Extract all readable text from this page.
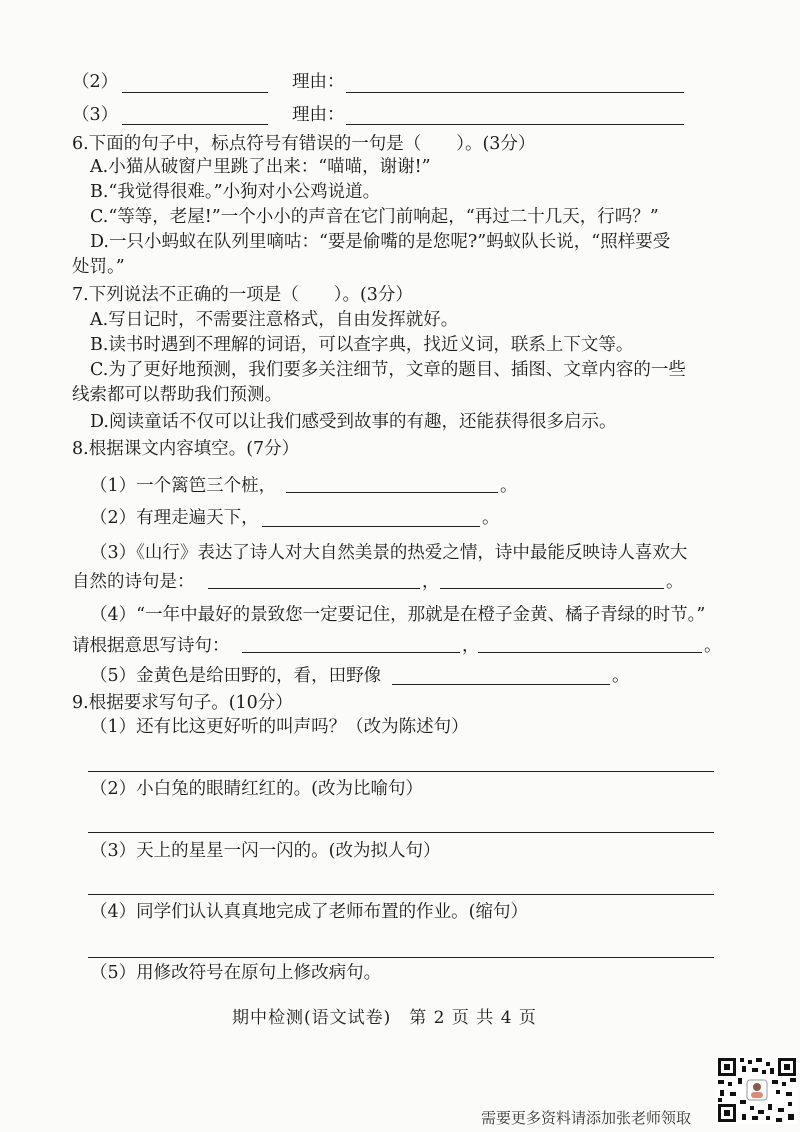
（2）	理由：
（3）	理由：
6.下面的句子中，标点符号有错误的一句是（　　）。(3分）
A.小猫从破窗户里跳了出来：“喵喵，谢谢!”
B.“我觉得很难。”小狗对小公鸡说道。
C.“等等，老屋!”一个小小的声音在它门前响起，“再过二十几天，行吗？”
D.一只小蚂蚁在队列里嘀咕：“要是偷嘴的是您呢?”蚂蚁队长说，“照样要受
处罚。”
7.下列说法不正确的一项是（　　）。(3分）
A.写日记时，不需要注意格式，自由发挥就好。
B.读书时遇到不理解的词语，可以查字典，找近义词，联系上下文等。
C.为了更好地预测，我们要多关注细节，文章的题目、插图、文章内容的一些
线索都可以帮助我们预测。
D.阅读童话不仅可以让我们感受到故事的有趣，还能获得很多启示。
8.根据课文内容填空。(7分）
（1）一个篱笆三个桩，	。
（2）有理走遍天下，	。
（3）《山行》表达了诗人对大自然美景的热爱之情，诗中最能反映诗人喜欢大
自然的诗句是：	，	。
（4）“一年中最好的景致您一定要记住，那就是在橙子金黄、橘子青绿的时节。”
请根据意思写诗句：	，	。
（5）金黄色是给田野的，看，田野像	。
9.根据要求写句子。(10分）
（1）还有比这更好听的叫声吗？（改为陈述句）
（2）小白兔的眼睛红红的。(改为比喻句）
（3）天上的星星一闪一闪的。(改为拟人句）
（4）同学们认认真真地完成了老师布置的作业。(缩句）
（5）用修改符号在原句上修改病句。
期中检测(语文试卷)　第 2 页 共 4 页
需要更多资料请添加张老师领取
